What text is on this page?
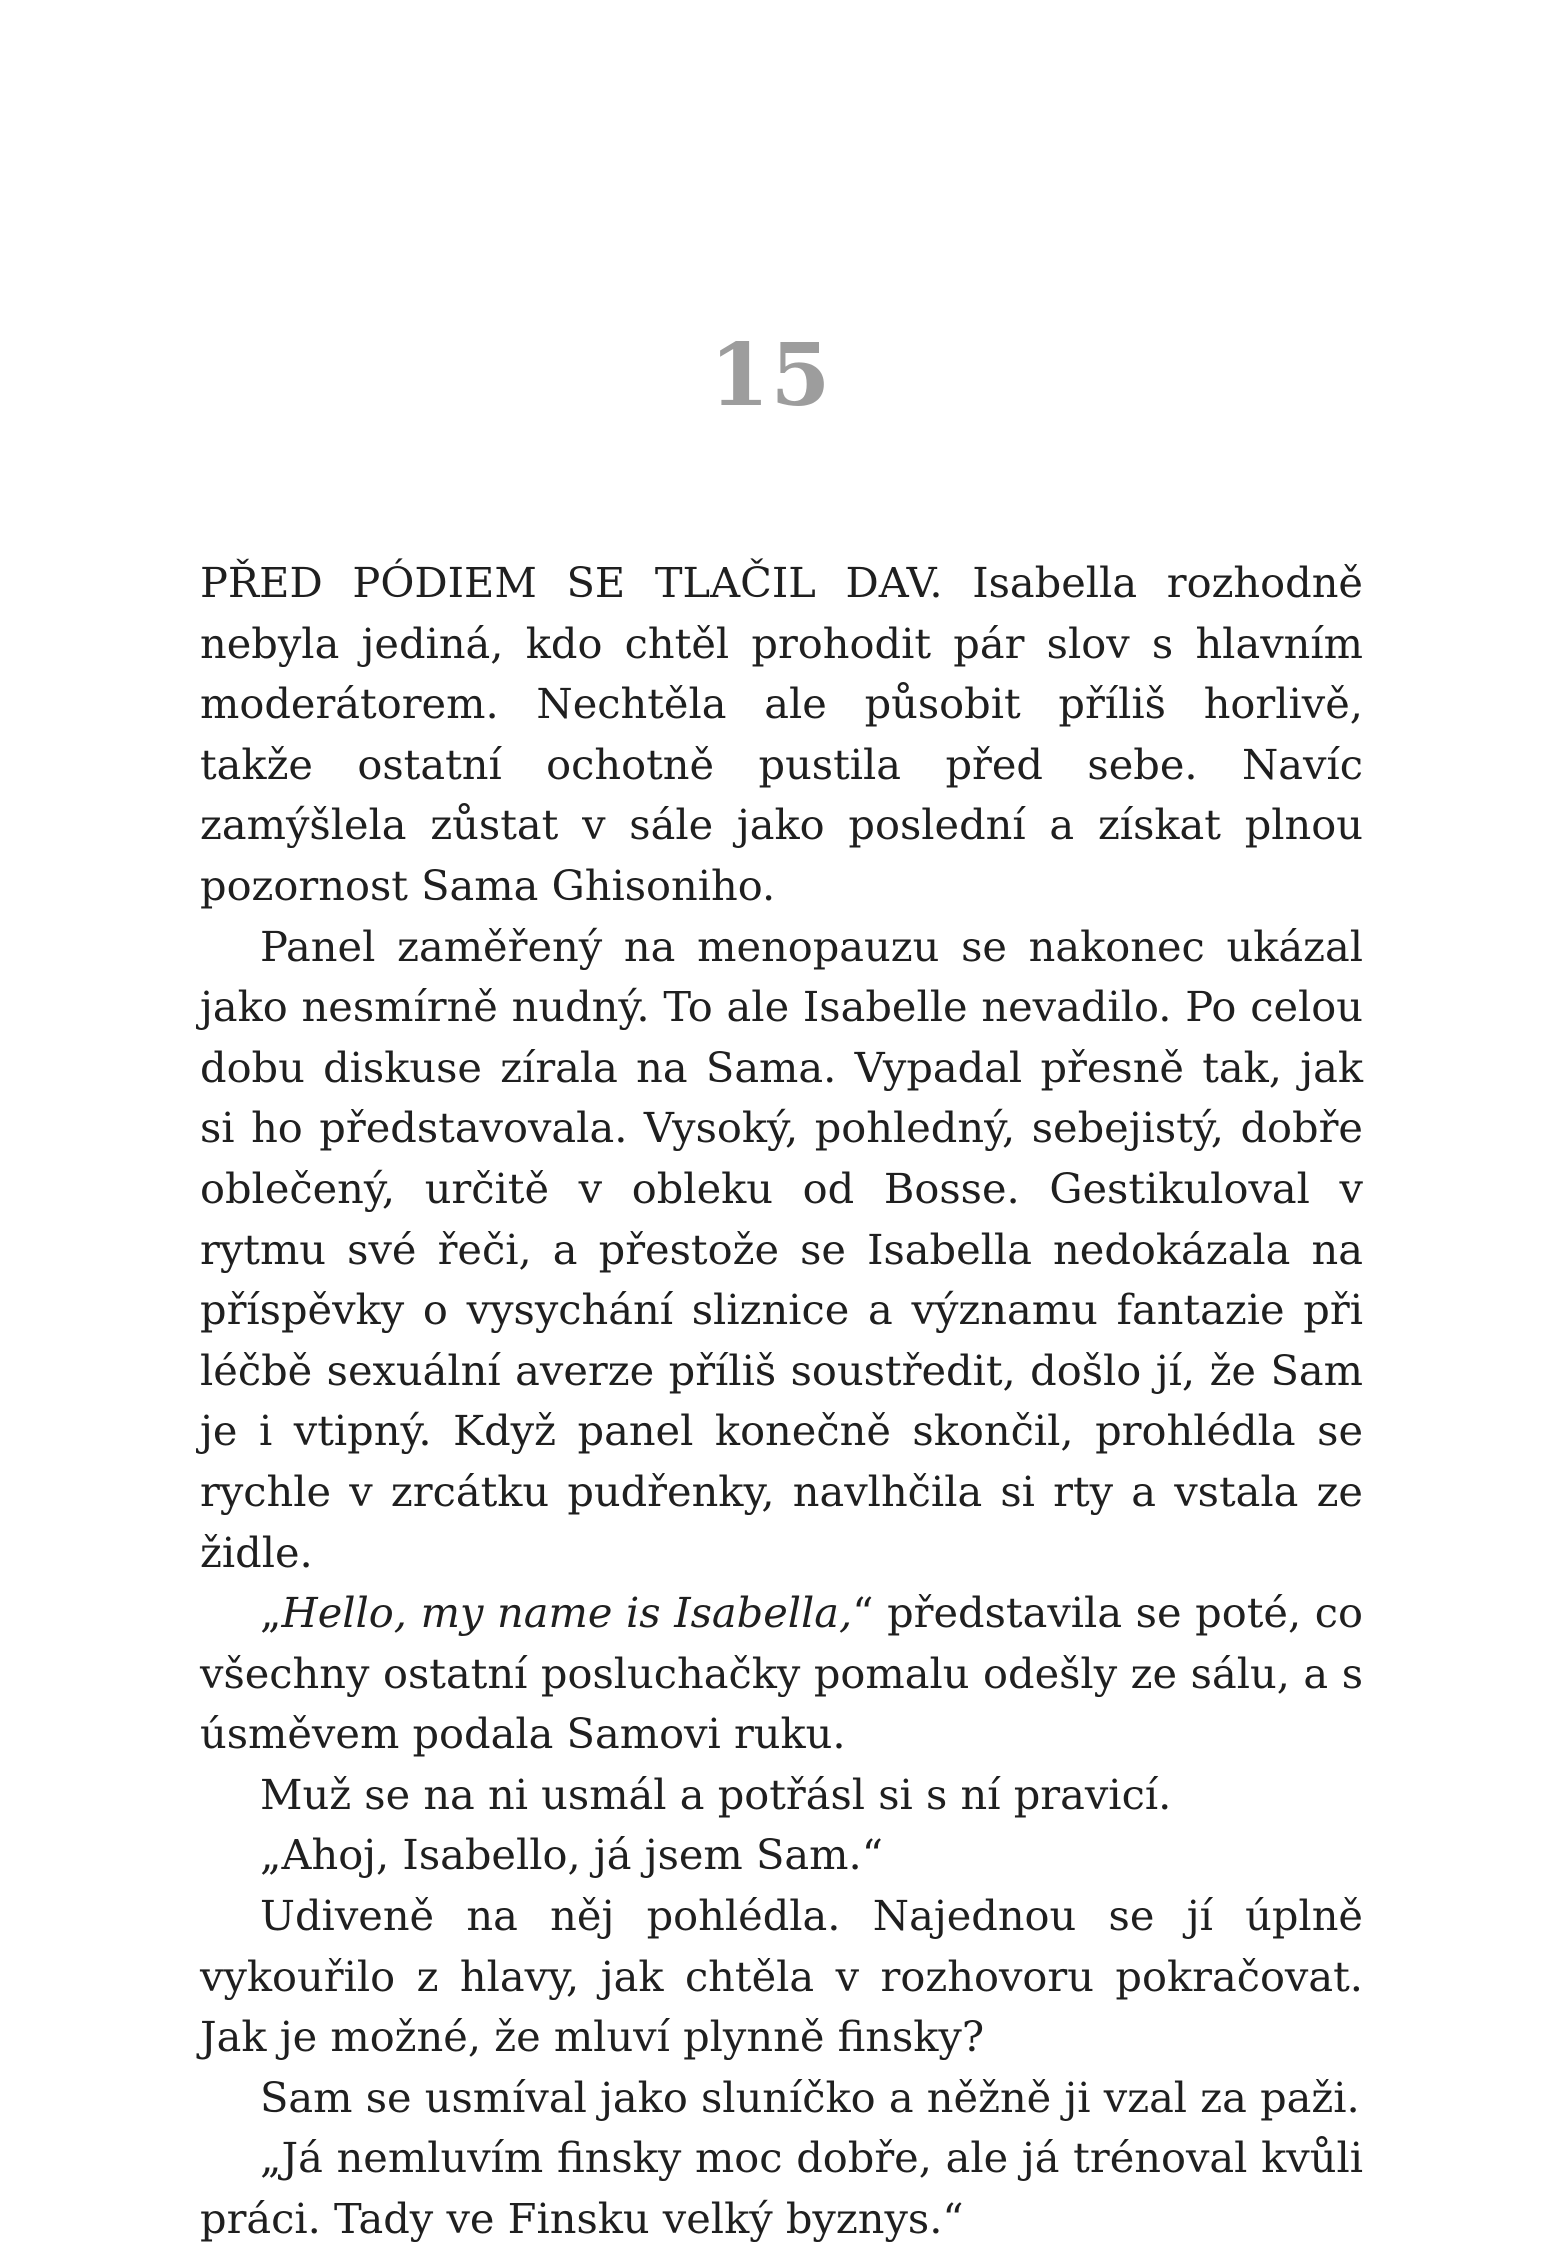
15

PŘED PÓDIEM SE TLAČIL DAV. Isabella rozhodně nebyla jediná, kdo chtěl prohodit pár slov s hlavním moderátorem. Nechtěla ale působit příliš horlivě, takže ostatní ochotně pustila před sebe. Navíc zamýšlela zůstat v sále jako poslední a získat plnou pozornost Sama Ghisoniho.

Panel zaměřený na menopauzu se nakonec ukázal jako nesmírně nudný. To ale Isabelle nevadilo. Po celou dobu diskuse zírala na Sama. Vypadal přesně tak, jak si ho představovala. Vysoký, pohledný, sebejistý, dobře oblečený, určitě v obleku od Bosse. Gestikuloval v rytmu své řeči, a přestože se Isabella nedokázala na příspěvky o vysychání sliznice a významu fantazie při léčbě sexuální averze příliš soustředit, došlo jí, že Sam je i vtipný. Když panel konečně skončil, prohlédla se rychle v zrcátku pudřenky, navlhčila si rty a vstala ze židle.

„Hello, my name is Isabella,“ představila se poté, co všechny ostatní posluchačky pomalu odešly ze sálu, a s úsměvem podala Samovi ruku.

Muž se na ni usmál a potřásl si s ní pravicí.

„Ahoj, Isabello, já jsem Sam.“

Udiveně na něj pohlédla. Najednou se jí úplně vykouřilo z hlavy, jak chtěla v rozhovoru pokračovat. Jak je možné, že mluví plynně finsky?

Sam se usmíval jako sluníčko a něžně ji vzal za paži.

„Já nemluvím finsky moc dobře, ale já trénoval kvůli práci. Tady ve Finsku velký byznys.“
